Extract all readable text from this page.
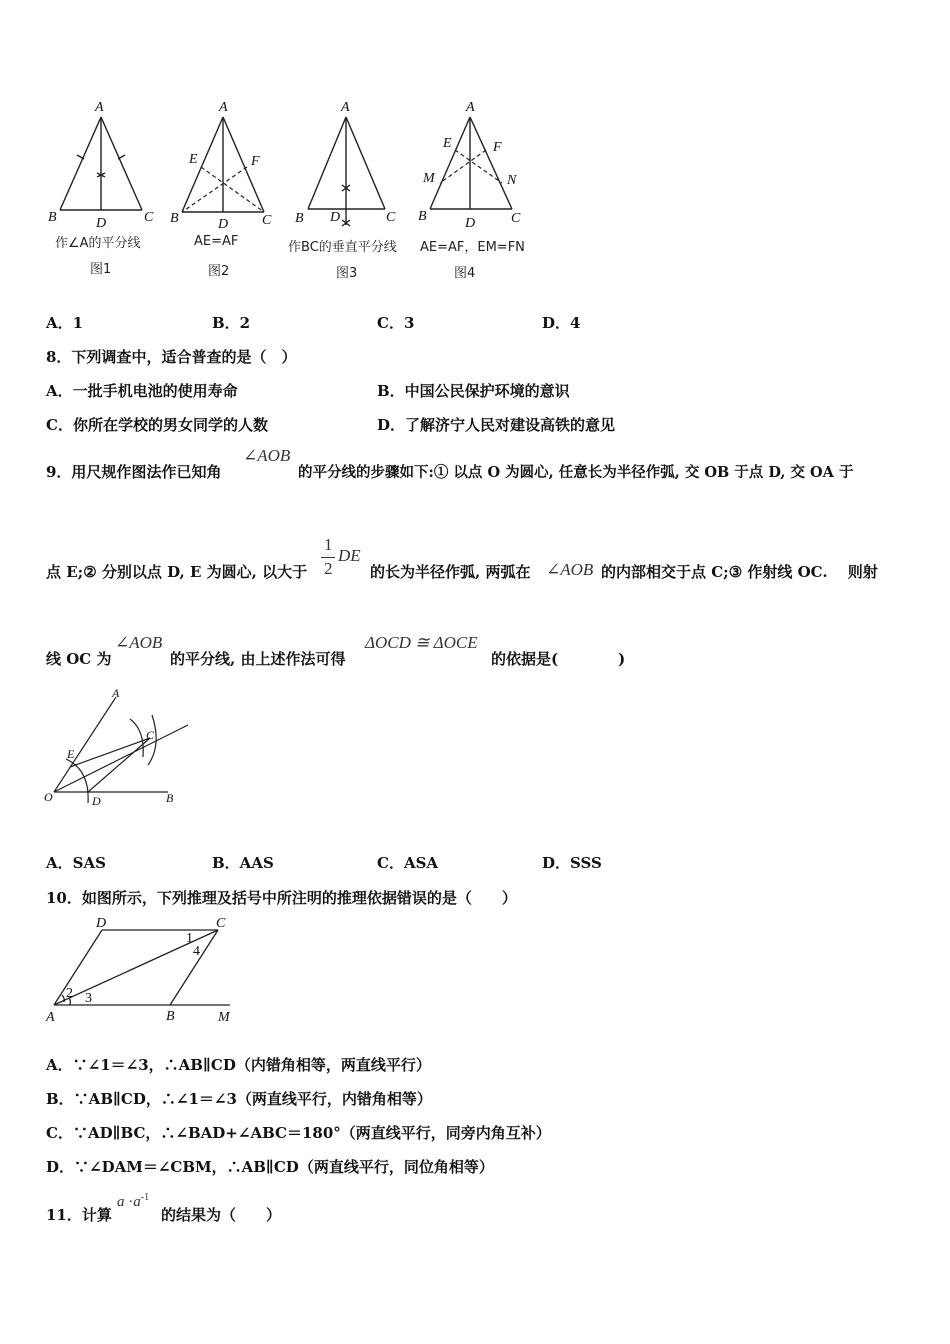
A
B	D	C
作∠A的平分线
图1
A
E	F
B	D C
AE=AF
图2
A
B D	C
作BC的垂直平分线
图3
A
E	F
M	N
B	D	C
AE=AF，EM=FN
图4
A．1	B．2	C．3	D．4
8．下列调查中，适合普查的是（　）
A．一批手机电池的使用寿命	B．中国公民保护环境的意识
C．你所在学校的男女同学的人数	D．了解济宁人民对建设高铁的意见
9．用尺规作图法作已知角
∠AOB
的平分线的步骤如下:① 以点 O 为圆心, 任意长为半径作弧, 交 OB 于点 D, 交 OA 于
点 E;② 分别以点 D, E 为圆心, 以大于
1
2
DE
的长为半径作弧, 两弧在 ∠AOB 的内部相交于点 C;③ 作射线 OC.　 则射
线 OC 为
∠AOB
的平分线, 由上述作法可得
ΔOCD ≅ ΔOCE
的依据是(　　　　)
A
C
E
O	D	B
A．SAS	B．AAS	C．ASA	D．SSS
10．如图所示，下列推理及括号中所注明的推理依据错误的是（　　）
D	C
1
4
2 3
A	B	M
A．∵∠1＝∠3，∴AB∥CD（内错角相等，两直线平行）
B．∵AB∥CD，∴∠1＝∠3（两直线平行，内错角相等）
C．∵AD∥BC，∴∠BAD+∠ABC＝180°（两直线平行，同旁内角互补）
D．∵∠DAM＝∠CBM，∴AB∥CD（两直线平行，同位角相等）
11．计算
$a \cdot a^{-1}$
的结果为（　　）
